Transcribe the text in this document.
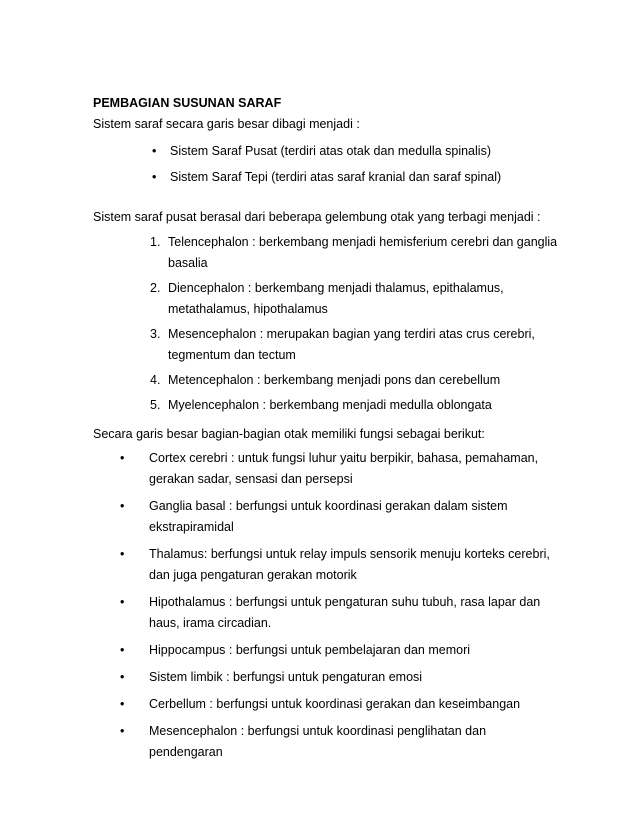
PEMBAGIAN SUSUNAN SARAF
Sistem saraf secara garis besar dibagi menjadi :
• Sistem Saraf Pusat (terdiri atas otak dan medulla spinalis)
• Sistem Saraf Tepi (terdiri atas saraf kranial dan saraf spinal)
Sistem saraf pusat berasal dari beberapa gelembung otak yang terbagi menjadi :
1. Telencephalon : berkembang menjadi hemisferium cerebri dan ganglia basalia
2. Diencephalon : berkembang menjadi thalamus, epithalamus, metathalamus, hipothalamus
3. Mesencephalon : merupakan bagian yang terdiri atas crus cerebri, tegmentum dan tectum
4. Metencephalon : berkembang menjadi pons dan cerebellum
5. Myelencephalon : berkembang menjadi medulla oblongata
Secara garis besar bagian-bagian otak memiliki fungsi sebagai berikut:
• Cortex cerebri : untuk fungsi luhur yaitu berpikir, bahasa, pemahaman, gerakan sadar, sensasi dan persepsi
• Ganglia basal : berfungsi untuk koordinasi gerakan dalam sistem ekstrapiramidal
• Thalamus: berfungsi untuk relay impuls sensorik menuju korteks cerebri, dan juga pengaturan gerakan motorik
• Hipothalamus : berfungsi untuk pengaturan suhu tubuh, rasa lapar dan haus, irama circadian.
• Hippocampus : berfungsi untuk pembelajaran dan memori
• Sistem limbik : berfungsi untuk pengaturan emosi
• Cerbellum : berfungsi untuk koordinasi gerakan dan keseimbangan
• Mesencephalon : berfungsi untuk koordinasi penglihatan dan pendengaran
